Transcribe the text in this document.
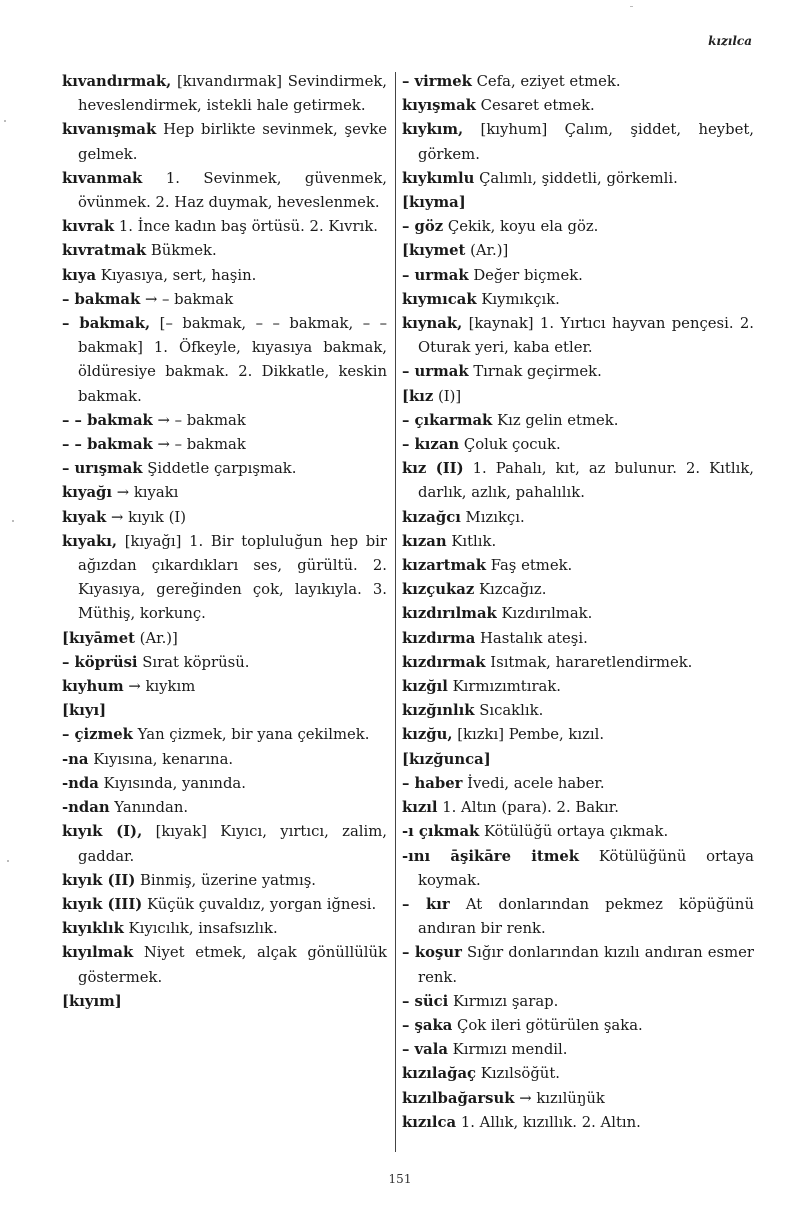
kızılca

kıvandırmak, [kıvandırmak] Sevindirmek, heveslendirmek, istekli hale getirmek.

kıvanışmak Hep birlikte sevinmek, şevke gelmek.

kıvanmak 1. Sevinmek, güvenmek, övünmek. 2. Haz duymak, heveslenmek.

kıvrak 1. İnce kadın baş örtüsü. 2. Kıvrık.

kıvratmak Bükmek.

kıya Kıyasıya, sert, haşin.

– bakmak → – bakmak

– bakmak, [– bakmak, – – bakmak, – – bakmak] 1. Öfkeyle, kıyasıya bakmak, öldüresiye bakmak. 2. Dikkatle, keskin bakmak.

– – bakmak → – bakmak

– – bakmak → – bakmak

– urışmak Şiddetle çarpışmak.

kıyağı → kıyakı

kıyak → kıyık (I)

kıyakı, [kıyağı] 1. Bir topluluğun hep bir ağızdan çıkardıkları ses, gürültü. 2. Kıyasıya, gereğinden çok, layıkıyla. 3. Müthiş, korkunç.

[kıyāmet (Ar.)]

– köprüsi Sırat köprüsü.

kıyhum → kıykım

[kıyı]

– çizmek Yan çizmek, bir yana çekilmek.

-na Kıyısına, kenarına.

-nda Kıyısında, yanında.

-ndan Yanından.

kıyık (I), [kıyak] Kıyıcı, yırtıcı, zalim, gaddar.

kıyık (II) Binmiş, üzerine yatmış.

kıyık (III) Küçük çuvaldız, yorgan iğnesi.

kıyıklık Kıyıcılık, insafsızlık.

kıyılmak Niyet etmek, alçak gönüllülük göstermek.

[kıyım]

– virmek Cefa, eziyet etmek.

kıyışmak Cesaret etmek.

kıykım, [kıyhum] Çalım, şiddet, heybet, görkem.

kıykımlu Çalımlı, şiddetli, görkemli.

[kıyma]

– göz Çekik, koyu ela göz.

[kıymet (Ar.)]

– urmak Değer biçmek.

kıymıcak Kıymıkçık.

kıynak, [kaynak] 1. Yırtıcı hayvan pençesi. 2. Oturak yeri, kaba etler.

– urmak Tırnak geçirmek.

[kız (I)]

– çıkarmak Kız gelin etmek.

– kızan Çoluk çocuk.

kız (II) 1. Pahalı, kıt, az bulunur. 2. Kıtlık, darlık, azlık, pahalılık.

kızağcı Mızıkçı.

kızan Kıtlık.

kızartmak Faş etmek.

kızçukaz Kızcağız.

kızdırılmak Kızdırılmak.

kızdırma Hastalık ateşi.

kızdırmak Isıtmak, hararetlendirmek.

kızğıl Kırmızımtırak.

kızğınlık Sıcaklık.

kızğu, [kızkı] Pembe, kızıl.

[kızğunca]

– haber İvedi, acele haber.

kızıl 1. Altın (para). 2. Bakır.

-ı çıkmak Kötülüğü ortaya çıkmak.

-ını āşikāre itmek Kötülüğünü ortaya koymak.

– kır At donlarından pekmez köpüğünü andıran bir renk.

– koşur Sığır donlarından kızılı andıran esmer renk.

– süci Kırmızı şarap.

– şaka Çok ileri götürülen şaka.

– vala Kırmızı mendil.

kızılağaç Kızılsöğüt.

kızılbağarsuk → kızılüŋük

kızılca 1. Allık, kızıllık. 2. Altın.

151
